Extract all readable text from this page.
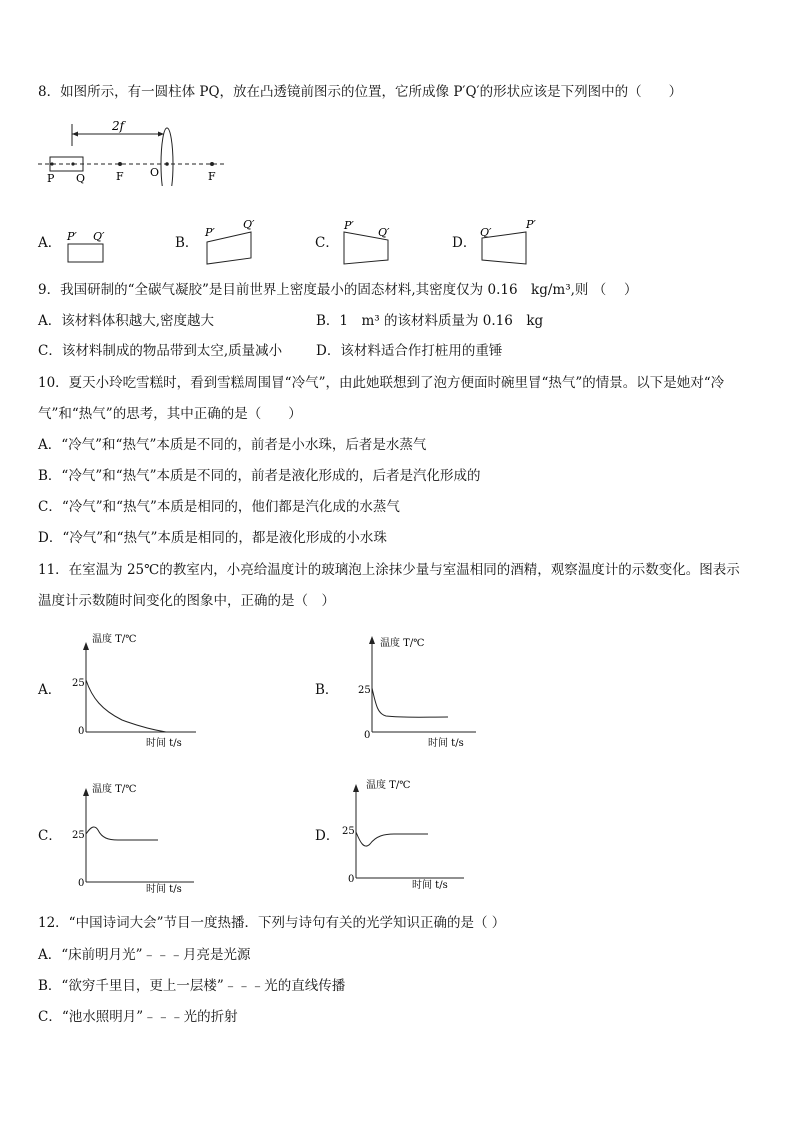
8．如图所示，有一圆柱体 PQ，放在凸透镜前图示的位置，它所成像 P′Q′的形状应该是下列图中的（　　）
2f
P Q	F O	F
A． P′ Q′	B．
P′
Q′
C．
P′
Q′
D．
Q′
P′
9．我国研制的“全碳气凝胶”是目前世界上密度最小的固态材料,其密度仅为 0.16　kg/m³,则 （　 ）
A．该材料体积越大,密度越大	B．1　m³ 的该材料质量为 0.16　kg
C．该材料制成的物品带到太空,质量减小	D．该材料适合作打桩用的重锤
10．夏天小玲吃雪糕时，看到雪糕周围冒“冷气”，由此她联想到了泡方便面时碗里冒“热气”的情景。以下是她对“冷
气”和“热气”的思考，其中正确的是（　　）
A．“冷气”和“热气”本质是不同的，前者是小水珠，后者是水蒸气
B．“冷气”和“热气”本质是不同的，前者是液化形成的，后者是汽化形成的
C．“冷气”和“热气”本质是相同的，他们都是汽化成的水蒸气
D．“冷气”和“热气”本质是相同的，都是液化形成的小水珠
11．在室温为 25℃的教室内，小亮给温度计的玻璃泡上涂抹少量与室温相同的酒精，观察温度计的示数变化。图表示
温度计示数随时间变化的图象中，正确的是（　）
A．
温度 T/℃
25
0
时间 t/s
B．
温度 T/℃
25
0
时间 t/s
C．
温度 T/℃
25
0
时间 t/s
D．
温度 T/℃
25
0
时间 t/s
12．“中国诗词大会”节目一度热播．下列与诗句有关的光学知识正确的是（ ）
A．“床前明月光”﹣﹣﹣月亮是光源
B．“欲穷千里目，更上一层楼”﹣﹣﹣光的直线传播
C．“池水照明月”﹣﹣﹣光的折射
